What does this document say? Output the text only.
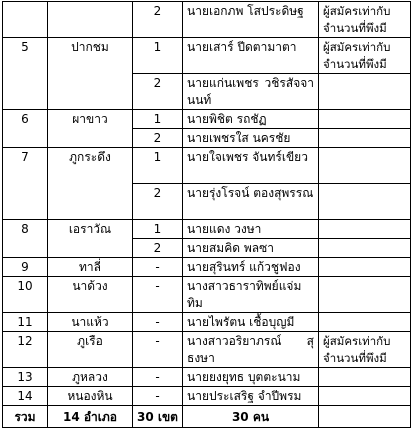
		2	นายเอกภพ โสประดิษฐ	ผู้สมัครเท่ากับจำนวนที่พึงมี
5	ปากชม	1	นายเสาร์ ปีดตามาตา	ผู้สมัครเท่ากับจำนวนที่พึงมี
		2	นายแก่นเพชร วชิรสัจจานนท์	
6	ผาขาว	1	นายพิชิต รถชัฏ	
		2	นายเพชรใส นครชัย	
7	ภูกระดึง	1	นายใจเพชร จันทร์เขียว	
		2	นายรุ่งโรจน์ ตองสุพรรณ	
8	เอราวัณ	1	นายแดง วงษา	
		2	นายสมคิด พลซา	
9	ทาลี่	-	นายสุรินทร์ แก้วชูฟอง	
10	นาด้วง	-	นางสาวธาราทิพย์แจ่มทิม	
11	นาแห้ว	-	นายไพรัตน เชื้อบุญมี	
12	ภูเรือ	-	นางสาวอริยาภรณ์ สุธงษา	ผู้สมัครเท่ากับจำนวนที่พึงมี
13	ภูหลวง	-	นายยงยุทธ บุตตะนาม	
14	หนองหิน	-	นายประเสริฐ จำปีพรม	
รวม	14 อำเภอ	30 เขต	30 คน	
